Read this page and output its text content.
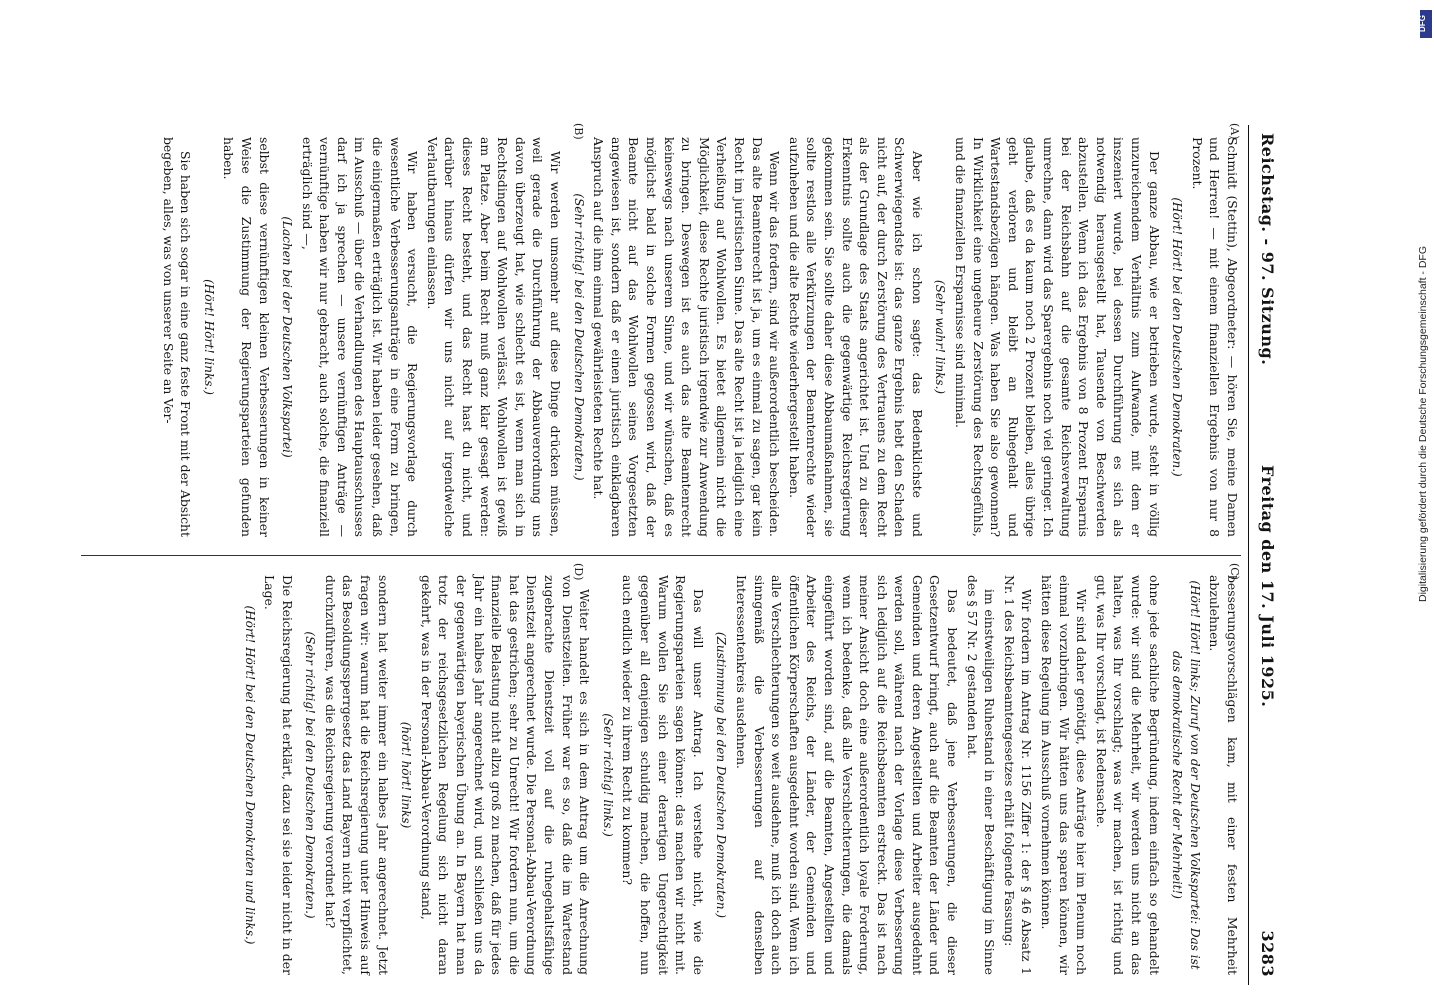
Reichstag. - 97. Sitzung.
Freitag den 17. Juli 1925.
3283
(A)
(B)
(C)
(D)

Schmidt (Stettin), Abgeordneter: — hören Sie, meine Damen und Herren! — mit einem finanziellen Ergebnis von nur 8 Prozent.

(Hört! Hört! bei den Deutschen Demokraten.)

Der ganze Abbau, wie er betrieben wurde, steht in völlig unzureichendem Verhältnis zum Aufwande, mit dem er inszeniert wurde, bei dessen Durchführung es sich als notwendig herausgestellt hat, Tausende von Beschwerden abzustellen. Wenn ich das Ergebnis von 8 Prozent Ersparnis bei der Reichsbahn auf die gesamte Reichsverwaltung umrechne, dann wird das Sparergebnis noch viel geringer. Ich glaube, daß es da kaum noch 2 Prozent bleiben, alles übrige geht verloren und bleibt an Ruhegehalt und Wartestandsbezügen hängen. Was haben Sie also gewonnen? In Wirklichkeit eine ungeheure Zerstörung des Rechtsgefühls, und die finanziellen Ersparnisse sind minimal.

(Sehr wahr! links.)

Aber wie ich schon sagte: das Bedenklichste und Schwerwiegendste ist: das ganze Ergebnis hebt den Schaden nicht auf, der durch Zerstörung des Vertrauens zu dem Recht als der Grundlage des Staats angerichtet ist. Und zu dieser Erkenntnis sollte auch die gegenwärtige Reichsregierung gekommen sein. Sie sollte daher diese Abbaumaßnahmen, sie sollte restlos alle Verkürzungen der Beamtenrechte wieder aufzuheben und die alte Rechte wiederhergestellt haben.

Wenn wir das fordern, sind wir außerordentlich bescheiden. Das alte Beamtenrecht ist ja, um es einmal zu sagen, gar kein Recht im juristischen Sinne. Das alte Recht ist ja lediglich eine Verheißung auf Wohlwollen. Es bietet allgemein nicht die Möglichkeit, diese Rechte juristisch irgendwie zur Anwendung zu bringen. Deswegen ist es auch das alte Beamtenrecht keineswegs nach unserem Sinne, und wir wünschen, daß es möglichst bald in solche Formen gegossen wird, daß der Beamte nicht auf das Wohlwollen seines Vorgesetzten angewiesen ist, sondern daß er einen juristisch einklagbaren Anspruch auf die ihm einmal gewährleisteten Rechte hat.

(Sehr richtig! bei den Deutschen Demokraten.)

Wir werden umsomehr auf diese Dinge drücken müssen, weil gerade die Durchführung der Abbauverordnung uns davon überzeugt hat, wie schlecht es ist, wenn man sich in Rechtsdingen auf Wohlwollen verlässt. Wohlwollen ist gewiß am Platze. Aber beim Recht muß ganz klar gesagt werden: dieses Recht besteht, und das Recht hast du nicht, und darüber hinaus dürfen wir uns nicht auf irgendwelche Verlautbarungen einlassen.

Wir haben versucht, die Regierungsvorlage durch wesentliche Verbesserungsanträge in eine Form zu bringen, die einigermaßen erträglich ist. Wir haben leider gesehen, daß im Ausschuß — über die Verhandlungen des Hauptausschusses darf ich ja sprechen — unsere vernünftigen Anträge — vernünftige haben wir nur gebracht, auch solche, die finanziell erträglich sind —,

(Lachen bei der Deutschen Volkspartei)

selbst diese vernünftigen kleinen Verbesserungen in keiner Weise die Zustimmung der Regierungsparteien gefunden haben.

(Hört! Hört! links.)

Sie haben sich sogar in eine ganz feste Front mit der Absicht begeben, alles, was von unserer Seite an Ver-

besserungsvorschlägen kam, mit einer festen Mehrheit abzulehnen.

(Hört! Hört! links; Zuruf von der Deutschen Volkspartei: Das ist das demokratische Recht der Mehrheit!)

ohne jede sachliche Begründung, indem einfach so gehandelt wurde: wir sind die Mehrheit, wir werden uns nicht an das halten, was Ihr vorschlagt; was wir machen, ist richtig und gut, was Ihr vorschlagt, ist Redensache.

Wir sind daher genötigt, diese Anträge hier im Plenum noch einmal vorzubringen. Wir hätten uns das sparen können, wir hätten diese Regelung im Ausschuß vornehmen können.

Wir fordern im Antrag Nr. 1156 Ziffer 1: der § 46 Absatz 1 Nr. 1 des Reichsbeamtengesetzes erhält folgende Fassung:

im einstweiligen Ruhestand in einer Beschäftigung im Sinne des § 57 Nr. 2 gestanden hat.

Das bedeutet, daß jene Verbesserungen, die dieser Gesetzentwurf bringt, auch auf die Beamten der Länder und Gemeinden und deren Angestellten und Arbeiter ausgedehnt werden soll, während nach der Vorlage diese Verbesserung sich lediglich auf die Reichsbeamten erstreckt. Das ist nach meiner Ansicht doch eine außerordentlich loyale Forderung, wenn ich bedenke, daß alle Verschlechterungen, die damals eingeführt worden sind, auf die Beamten, Angestellten und Arbeiter des Reichs, der Länder, der Gemeinden und öffentlichen Körperschaften ausgedehnt worden sind. Wenn ich alle Verschlechterungen so weit ausdehne, muß ich doch auch sinngemäß die Verbesserungen auf denselben Interessentenkreis ausdehnen.

(Zustimmung bei den Deutschen Demokraten.)

Das will unser Antrag. Ich verstehe nicht, wie die Regierungsparteien sagen können: das machen wir nicht mit. Warum wollen Sie sich einer derartigen Ungerechtigkeit gegenüber all denjenigen schuldig machen, die hoffen, nun auch endlich wieder zu ihrem Recht zu kommen?

(Sehr richtig! links.)

Weiter handelt es sich in dem Antrag um die Anrechnung von Dienstzeiten. Früher war es so, daß die im Wartestand zugebrachte Dienstzeit voll auf die ruhegehaltsfähige Dienstzeit angerechnet wurde. Die Personal-Abbau-Verordnung hat das gestrichen; sehr zu Unrecht! Wir fordern nun, um die finanzielle Belastung nicht allzu groß zu machen, daß für jedes Jahr ein halbes Jahr angerechnet wird, und schließen uns da der gegenwärtigen bayerischen Übung an. In Bayern hat man trotz der reichsgesetzlichen Regelung sich nicht daran gekehrt, was in der Personal-Abbau-Verordnung stand,

(hört! hört! links)

sondern hat weiter immer ein halbes Jahr angerechnet. Jetzt fragen wir: warum hat die Reichsregierung unter Hinweis auf das Besoldungssperrgesetz das Land Bayern nicht verpflichtet, durchzuführen, was die Reichsregierung verordnet hat?

(Sehr richtig! bei den Deutschen Demokraten.)

Die Reichsregierung hat erklärt, dazu sei sie leider nicht in der Lage.

(Hört! Hört! bei den Deutschen Demokraten und links.)

Digitalisierung gefördert durch die Deutsche Forschungsgemeinschaft - DFG
DFG
